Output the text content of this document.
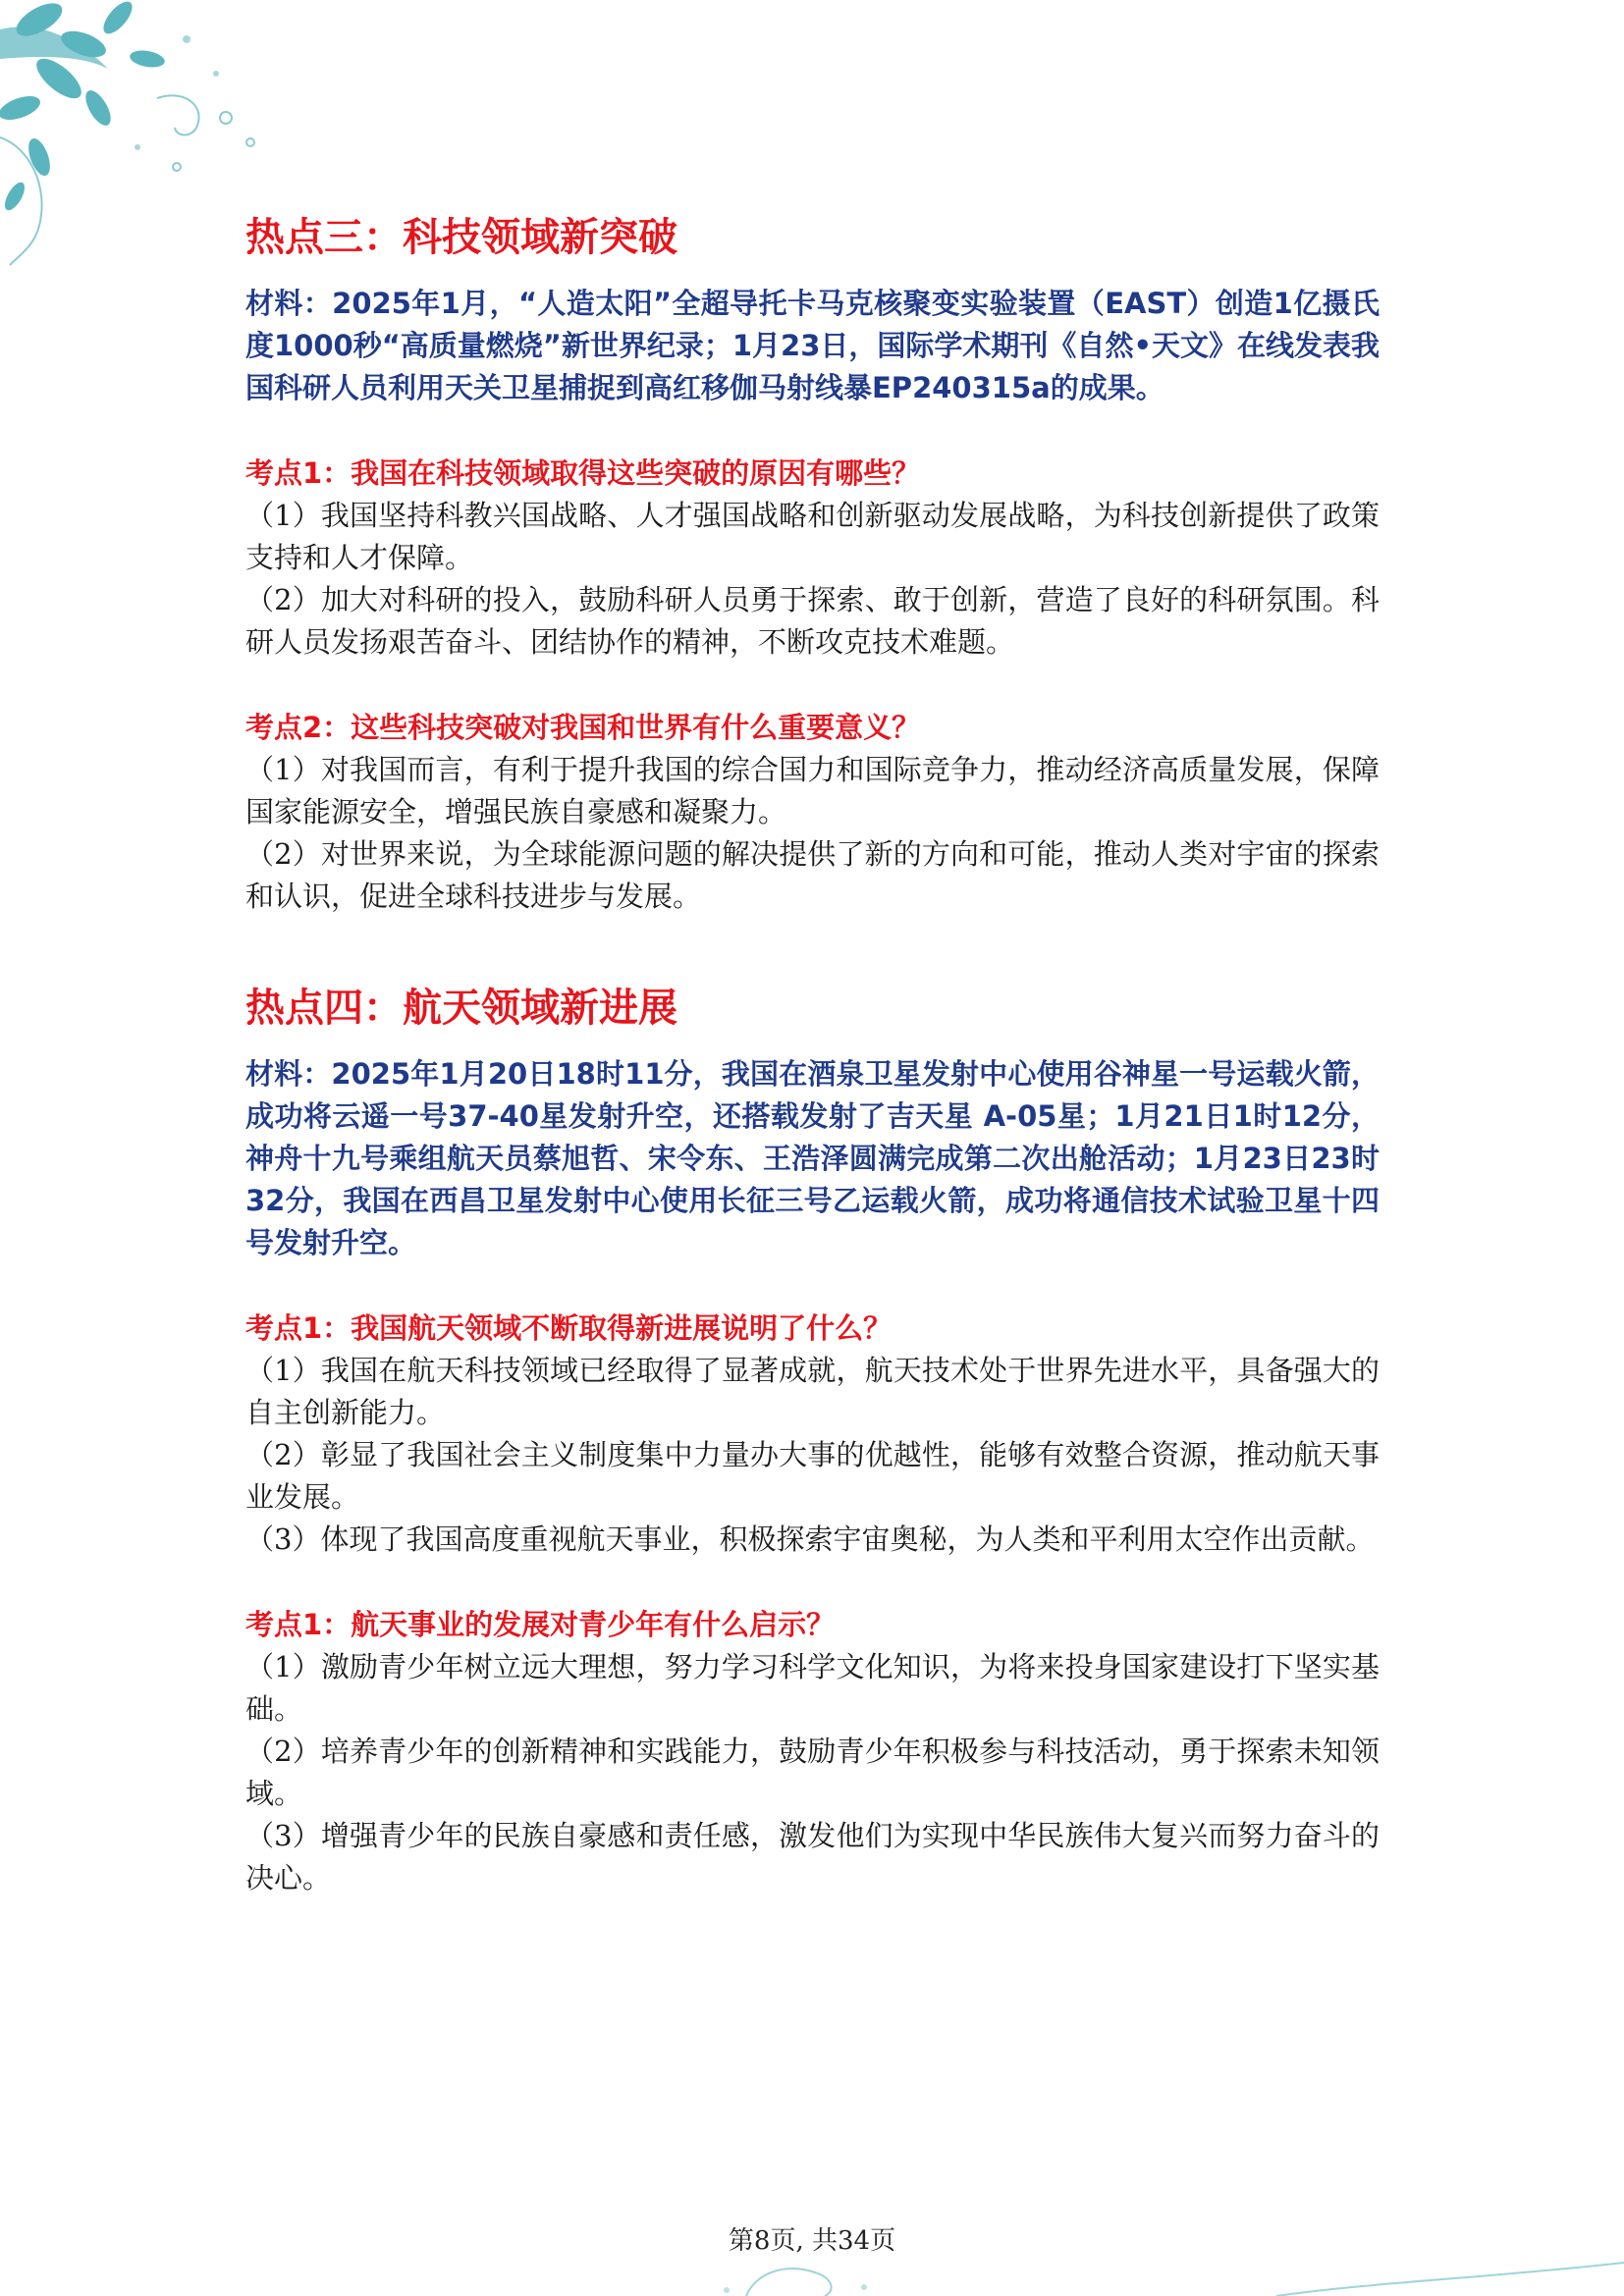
热点三：科技领域新突破

材料：2025年1月，“人造太阳”全超导托卡马克核聚变实验装置（EAST）创造1亿摄氏度1000秒“高质量燃烧”新世界纪录；1月23日，国际学术期刊《自然•天文》在线发表我国科研人员利用天关卫星捕捉到高红移伽马射线暴EP240315a的成果。

考点1：我国在科技领域取得这些突破的原因有哪些？

（1）我国坚持科教兴国战略、人才强国战略和创新驱动发展战略，为科技创新提供了政策支持和人才保障。

（2）加大对科研的投入，鼓励科研人员勇于探索、敢于创新，营造了良好的科研氛围。科研人员发扬艰苦奋斗、团结协作的精神，不断攻克技术难题。

考点2：这些科技突破对我国和世界有什么重要意义？

（1）对我国而言，有利于提升我国的综合国力和国际竞争力，推动经济高质量发展，保障国家能源安全，增强民族自豪感和凝聚力。

（2）对世界来说，为全球能源问题的解决提供了新的方向和可能，推动人类对宇宙的探索和认识，促进全球科技进步与发展。

热点四：航天领域新进展

材料：2025年1月20日18时11分，我国在酒泉卫星发射中心使用谷神星一号运载火箭，成功将云遥一号37-40星发射升空，还搭载发射了吉天星 A-05星；1月21日1时12分，神舟十九号乘组航天员蔡旭哲、宋令东、王浩泽圆满完成第二次出舱活动；1月23日23时32分，我国在西昌卫星发射中心使用长征三号乙运载火箭，成功将通信技术试验卫星十四号发射升空。

考点1：我国航天领域不断取得新进展说明了什么？

（1）我国在航天科技领域已经取得了显著成就，航天技术处于世界先进水平，具备强大的自主创新能力。

（2）彰显了我国社会主义制度集中力量办大事的优越性，能够有效整合资源，推动航天事业发展。

（3）体现了我国高度重视航天事业，积极探索宇宙奥秘，为人类和平利用太空作出贡献。

考点1：航天事业的发展对青少年有什么启示？

（1）激励青少年树立远大理想，努力学习科学文化知识，为将来投身国家建设打下坚实基础。

（2）培养青少年的创新精神和实践能力，鼓励青少年积极参与科技活动，勇于探索未知领域。

（3）增强青少年的民族自豪感和责任感，激发他们为实现中华民族伟大复兴而努力奋斗的决心。

第8页, 共34页
